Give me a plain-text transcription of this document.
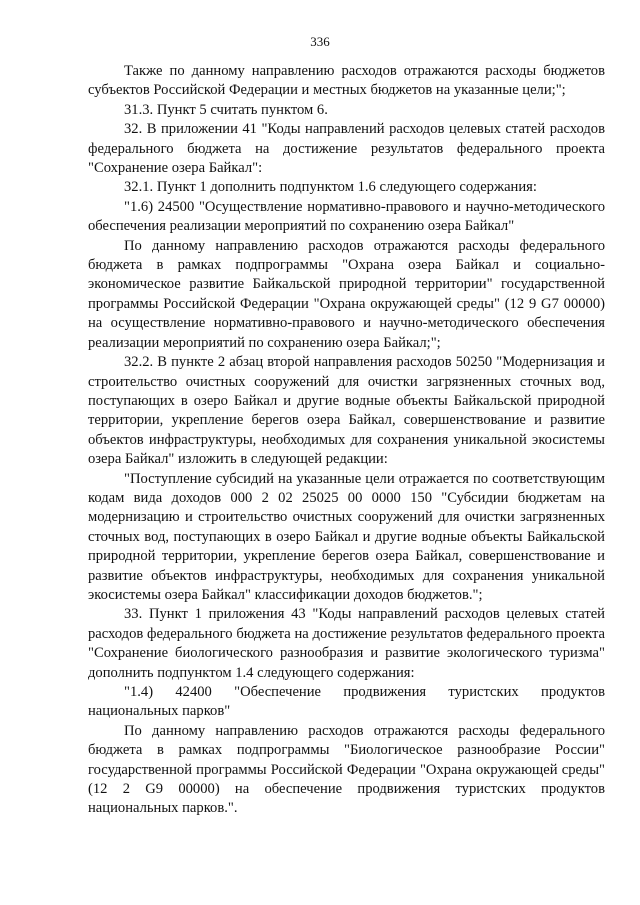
336

Также по данному направлению расходов отражаются расходы бюджетов субъектов Российской Федерации и местных бюджетов на указанные цели;";

31.3. Пункт 5 считать пунктом 6.

32. В приложении 41 "Коды направлений расходов целевых статей расходов федерального бюджета на достижение результатов федерального проекта "Сохранение озера Байкал":

32.1. Пункт 1 дополнить подпунктом 1.6 следующего содержания:

"1.6) 24500 "Осуществление нормативно-правового и научно-методического обеспечения реализации мероприятий по сохранению озера Байкал"

По данному направлению расходов отражаются расходы федерального бюджета в рамках подпрограммы "Охрана озера Байкал и социально-экономическое развитие Байкальской природной территории" государственной программы Российской Федерации "Охрана окружающей среды" (12 9 G7 00000) на осуществление нормативно-правового и научно-методического обеспечения реализации мероприятий по сохранению озера Байкал;";

32.2. В пункте 2 абзац второй направления расходов 50250 "Модернизация и строительство очистных сооружений для очистки загрязненных сточных вод, поступающих в озеро Байкал и другие водные объекты Байкальской природной территории, укрепление берегов озера Байкал, совершенствование и развитие объектов инфраструктуры, необходимых для сохранения уникальной экосистемы озера Байкал" изложить в следующей редакции:

"Поступление субсидий на указанные цели отражается по соответствующим кодам вида доходов 000 2 02 25025 00 0000 150 "Субсидии бюджетам на модернизацию и строительство очистных сооружений для очистки загрязненных сточных вод, поступающих в озеро Байкал и другие водные объекты Байкальской природной территории, укрепление берегов озера Байкал, совершенствование и развитие объектов инфраструктуры, необходимых для сохранения уникальной экосистемы озера Байкал" классификации доходов бюджетов.";

33. Пункт 1 приложения 43 "Коды направлений расходов целевых статей расходов федерального бюджета на достижение результатов федерального проекта "Сохранение биологического разнообразия и развитие экологического туризма" дополнить подпунктом 1.4 следующего содержания:

"1.4) 42400 "Обеспечение продвижения туристских продуктов национальных парков"

По данному направлению расходов отражаются расходы федерального бюджета в рамках подпрограммы "Биологическое разнообразие России" государственной программы Российской Федерации "Охрана окружающей среды" (12 2 G9 00000) на обеспечение продвижения туристских продуктов национальных парков.".
